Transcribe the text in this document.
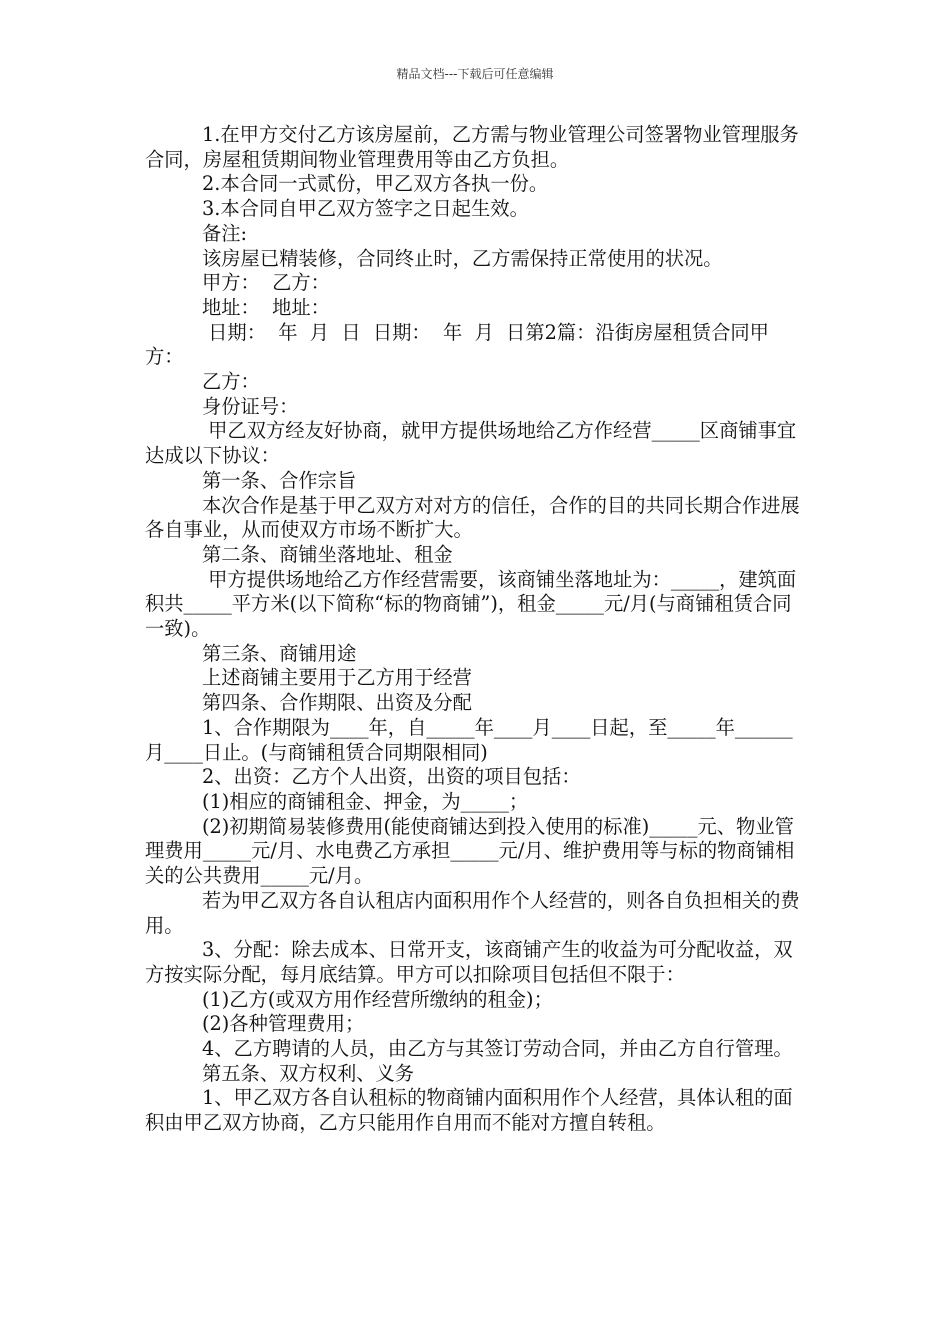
精品文档---下载后可任意编辑

1.在甲方交付乙方该房屋前，乙方需与物业管理公司签署物业管理服务合同，房屋租赁期间物业管理费用等由乙方负担。

2.本合同一式贰份，甲乙双方各执一份。

3.本合同自甲乙双方签字之日起生效。

备注:

该房屋已精装修，合同终止时，乙方需保持正常使用的状况。

甲方：  乙方：

地址：  地址：

日期：  年  月  日  日期：  年  月  日第2篇：沿街房屋租赁合同甲方：

乙方：

身份证号：

甲乙双方经友好协商，就甲方提供场地给乙方作经营_____区商铺事宜达成以下协议：

第一条、合作宗旨

本次合作是基于甲乙双方对对方的信任，合作的目的共同长期合作进展各自事业，从而使双方市场不断扩大。

第二条、商铺坐落地址、租金

甲方提供场地给乙方作经营需要，该商铺坐落地址为：_____，建筑面积共_____平方米(以下简称“标的物商铺”)，租金_____元/月(与商铺租赁合同一致)。

第三条、商铺用途

上述商铺主要用于乙方用于经营

第四条、合作期限、出资及分配

1、合作期限为____年，自_____年____月____日起，至_____年______月____日止。(与商铺租赁合同期限相同)

2、出资：乙方个人出资，出资的项目包括：

(1)相应的商铺租金、押金，为_____；

(2)初期简易装修费用(能使商铺达到投入使用的标准)_____元、物业管理费用_____元/月、水电费乙方承担_____元/月、维护费用等与标的物商铺相关的公共费用_____元/月。

若为甲乙双方各自认租店内面积用作个人经营的，则各自负担相关的费用。

3、分配：除去成本、日常开支，该商铺产生的收益为可分配收益，双方按实际分配，每月底结算。甲方可以扣除项目包括但不限于：

(1)乙方(或双方用作经营所缴纳的租金)；

(2)各种管理费用；

4、乙方聘请的人员，由乙方与其签订劳动合同，并由乙方自行管理。

第五条、双方权利、义务

1、甲乙双方各自认租标的物商铺内面积用作个人经营，具体认租的面积由甲乙双方协商，乙方只能用作自用而不能对方擅自转租。
